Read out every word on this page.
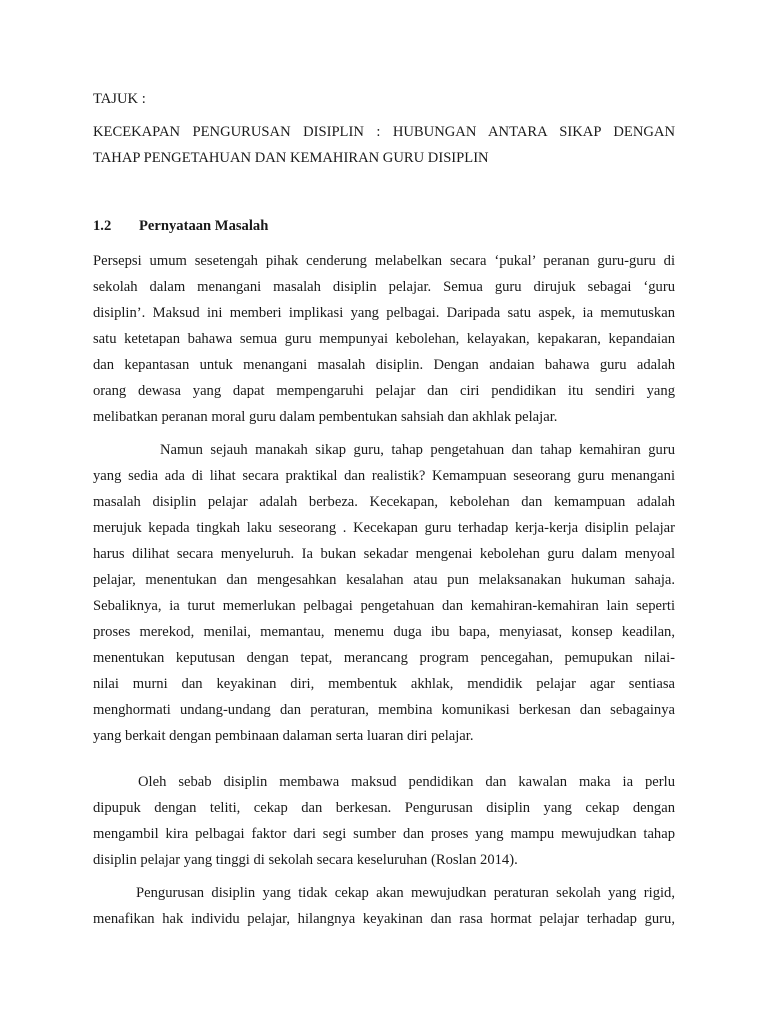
TAJUK :
KECEKAPAN PENGURUSAN DISIPLIN : HUBUNGAN ANTARA SIKAP DENGAN
TAHAP PENGETAHUAN DAN KEMAHIRAN GURU DISIPLIN
1.2 Pernyataan Masalah
Persepsi umum sesetengah pihak cenderung melabelkan secara ‘pukal’ peranan guru-guru di
sekolah dalam menangani masalah disiplin pelajar. Semua guru dirujuk sebagai ‘guru
disiplin’. Maksud ini memberi implikasi yang pelbagai. Daripada satu aspek, ia memutuskan
satu ketetapan bahawa semua guru mempunyai kebolehan, kelayakan, kepakaran, kepandaian
dan kepantasan untuk menangani masalah disiplin. Dengan andaian bahawa guru adalah
orang dewasa yang dapat mempengaruhi pelajar dan ciri pendidikan itu sendiri yang
melibatkan peranan moral guru dalam pembentukan sahsiah dan akhlak pelajar.
Namun sejauh manakah sikap guru, tahap pengetahuan dan tahap kemahiran guru
yang sedia ada di lihat secara praktikal dan realistik? Kemampuan seseorang guru menangani
masalah disiplin pelajar adalah berbeza. Kecekapan, kebolehan dan kemampuan adalah
merujuk kepada tingkah laku seseorang . Kecekapan guru terhadap kerja-kerja disiplin pelajar
harus dilihat secara menyeluruh. Ia bukan sekadar mengenai kebolehan guru dalam menyoal
pelajar, menentukan dan mengesahkan kesalahan atau pun melaksanakan hukuman sahaja.
Sebaliknya, ia turut memerlukan pelbagai pengetahuan dan kemahiran-kemahiran lain seperti
proses merekod, menilai, memantau, menemu duga ibu bapa, menyiasat, konsep keadilan,
menentukan keputusan dengan tepat, merancang program pencegahan, pemupukan nilai-
nilai murni dan keyakinan diri, membentuk akhlak, mendidik pelajar agar sentiasa
menghormati undang-undang dan peraturan, membina komunikasi berkesan dan sebagainya
yang berkait dengan pembinaan dalaman serta luaran diri pelajar.
Oleh sebab disiplin membawa maksud pendidikan dan kawalan maka ia perlu
dipupuk dengan teliti, cekap dan berkesan. Pengurusan disiplin yang cekap dengan
mengambil kira pelbagai faktor dari segi sumber dan proses yang mampu mewujudkan tahap
disiplin pelajar yang tinggi di sekolah secara keseluruhan (Roslan 2014).
Pengurusan disiplin yang tidak cekap akan mewujudkan peraturan sekolah yang rigid,
menafikan hak individu pelajar, hilangnya keyakinan dan rasa hormat pelajar terhadap guru,
